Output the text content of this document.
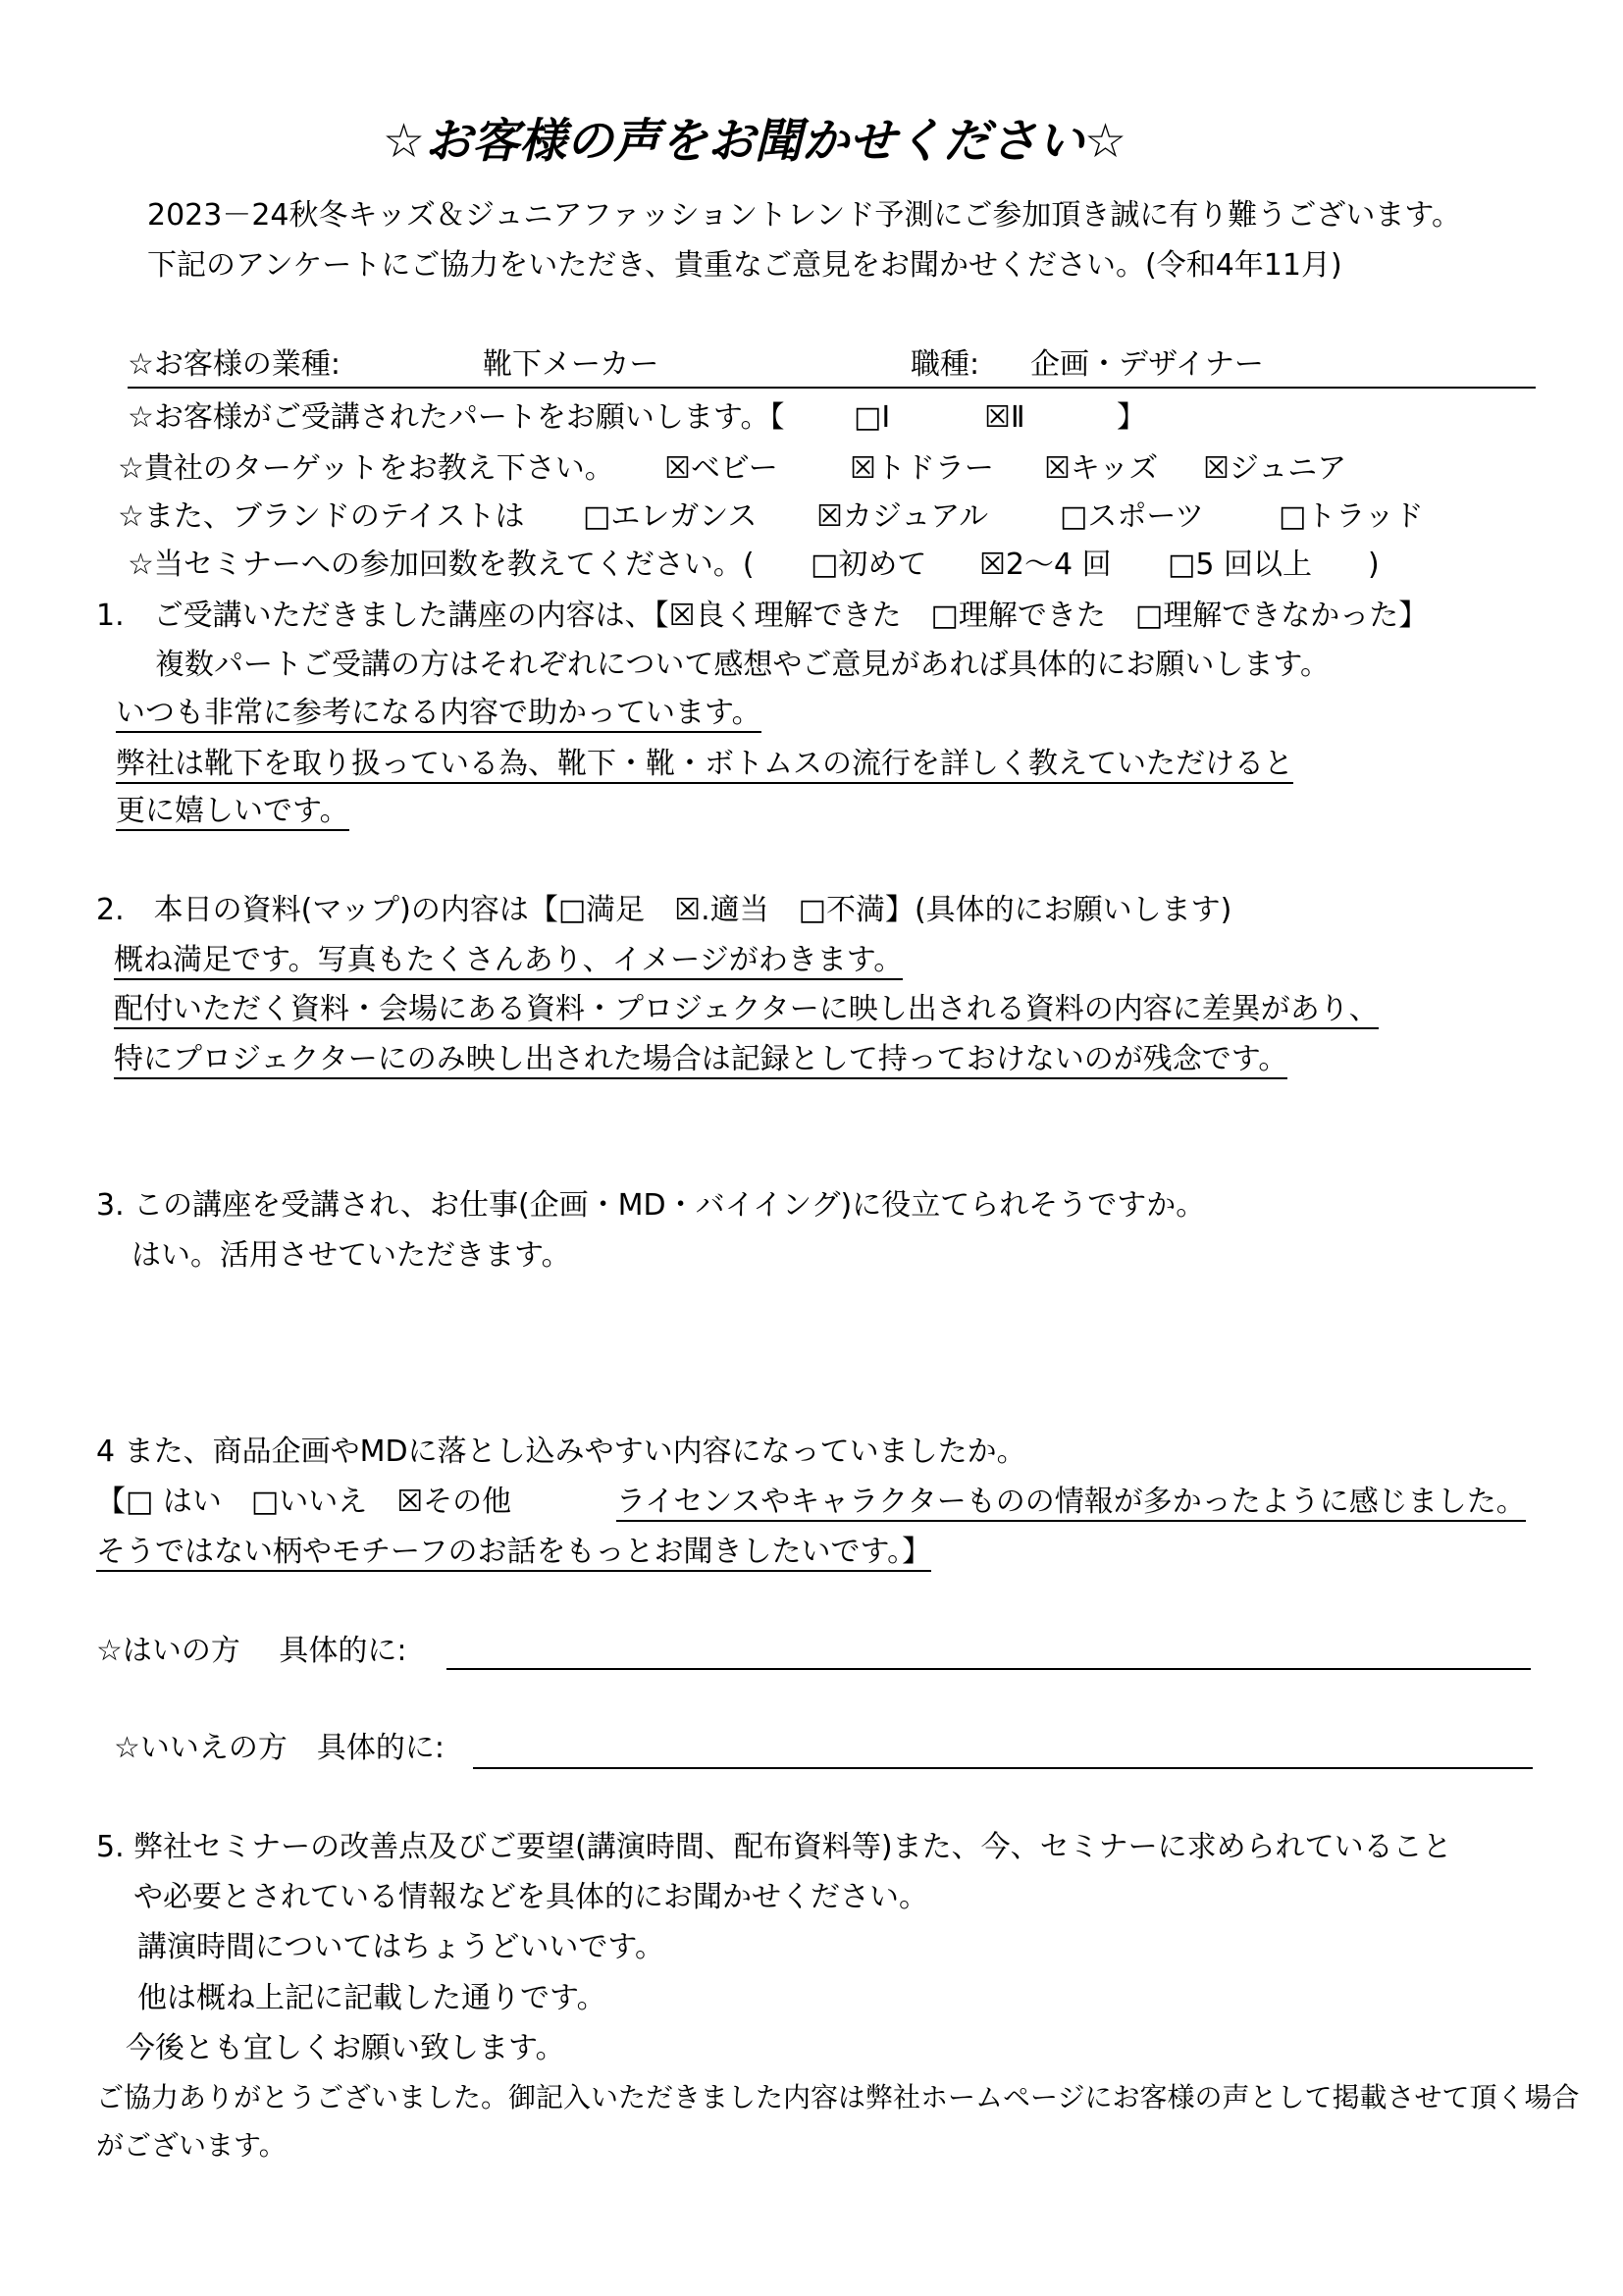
☆お客様の声をお聞かせください☆
2023－24秋冬キッズ＆ジュニアファッショントレンド予測にご参加頂き誠に有り難うございます。
下記のアンケートにご協力をいただき、貴重なご意見をお聞かせください。(令和4年11月)
☆お客様の業種:	靴下メーカー	職種: 企画・デザイナー
☆お客様がご受講されたパートをお願いします。【 □I	☒Ⅱ	】
☆貴社のターゲットをお教え下さい。 ☒ベビー ☒トドラー ☒キッズ ☒ジュニア
☆また、ブランドのテイストは □エレガンス ☒カジュアル □スポーツ	□トラッド
☆当セミナーへの参加回数を教えてください。( □初めて ☒2～4 回 □5 回以上 )
1.　ご受講いただきました講座の内容は、【☒良く理解できた　□理解できた　□理解できなかった】
複数パートご受講の方はそれぞれについて感想やご意見があれば具体的にお願いします。
いつも非常に参考になる内容で助かっています。
弊社は靴下を取り扱っている為、靴下・靴・ボトムスの流行を詳しく教えていただけると
更に嬉しいです。
2.　本日の資料(マップ)の内容は【□満足　☒.適当　□不満】(具体的にお願いします)
概ね満足です。写真もたくさんあり、イメージがわきます。
配付いただく資料・会場にある資料・プロジェクターに映し出される資料の内容に差異があり、
特にプロジェクターにのみ映し出された場合は記録として持っておけないのが残念です。
3. この講座を受講され、お仕事(企画・MD・バイイング)に役立てられそうですか。
はい。活用させていただきます。
4 また、商品企画やMDに落とし込みやすい内容になっていましたか。
【□ はい　□いいえ　☒その他	ライセンスやキャラクターものの情報が多かったように感じました。
そうではない柄やモチーフのお話をもっとお聞きしたいです。】
☆はいの方　 具体的に:
☆いいえの方　具体的に:
5. 弊社セミナーの改善点及びご要望(講演時間、配布資料等)また、今、セミナーに求められていること
や必要とされている情報などを具体的にお聞かせください。
講演時間についてはちょうどいいです。
他は概ね上記に記載した通りです。
今後とも宜しくお願い致します。
ご協力ありがとうございました。御記入いただきました内容は弊社ホームページにお客様の声として掲載させて頂く場合
がございます。
